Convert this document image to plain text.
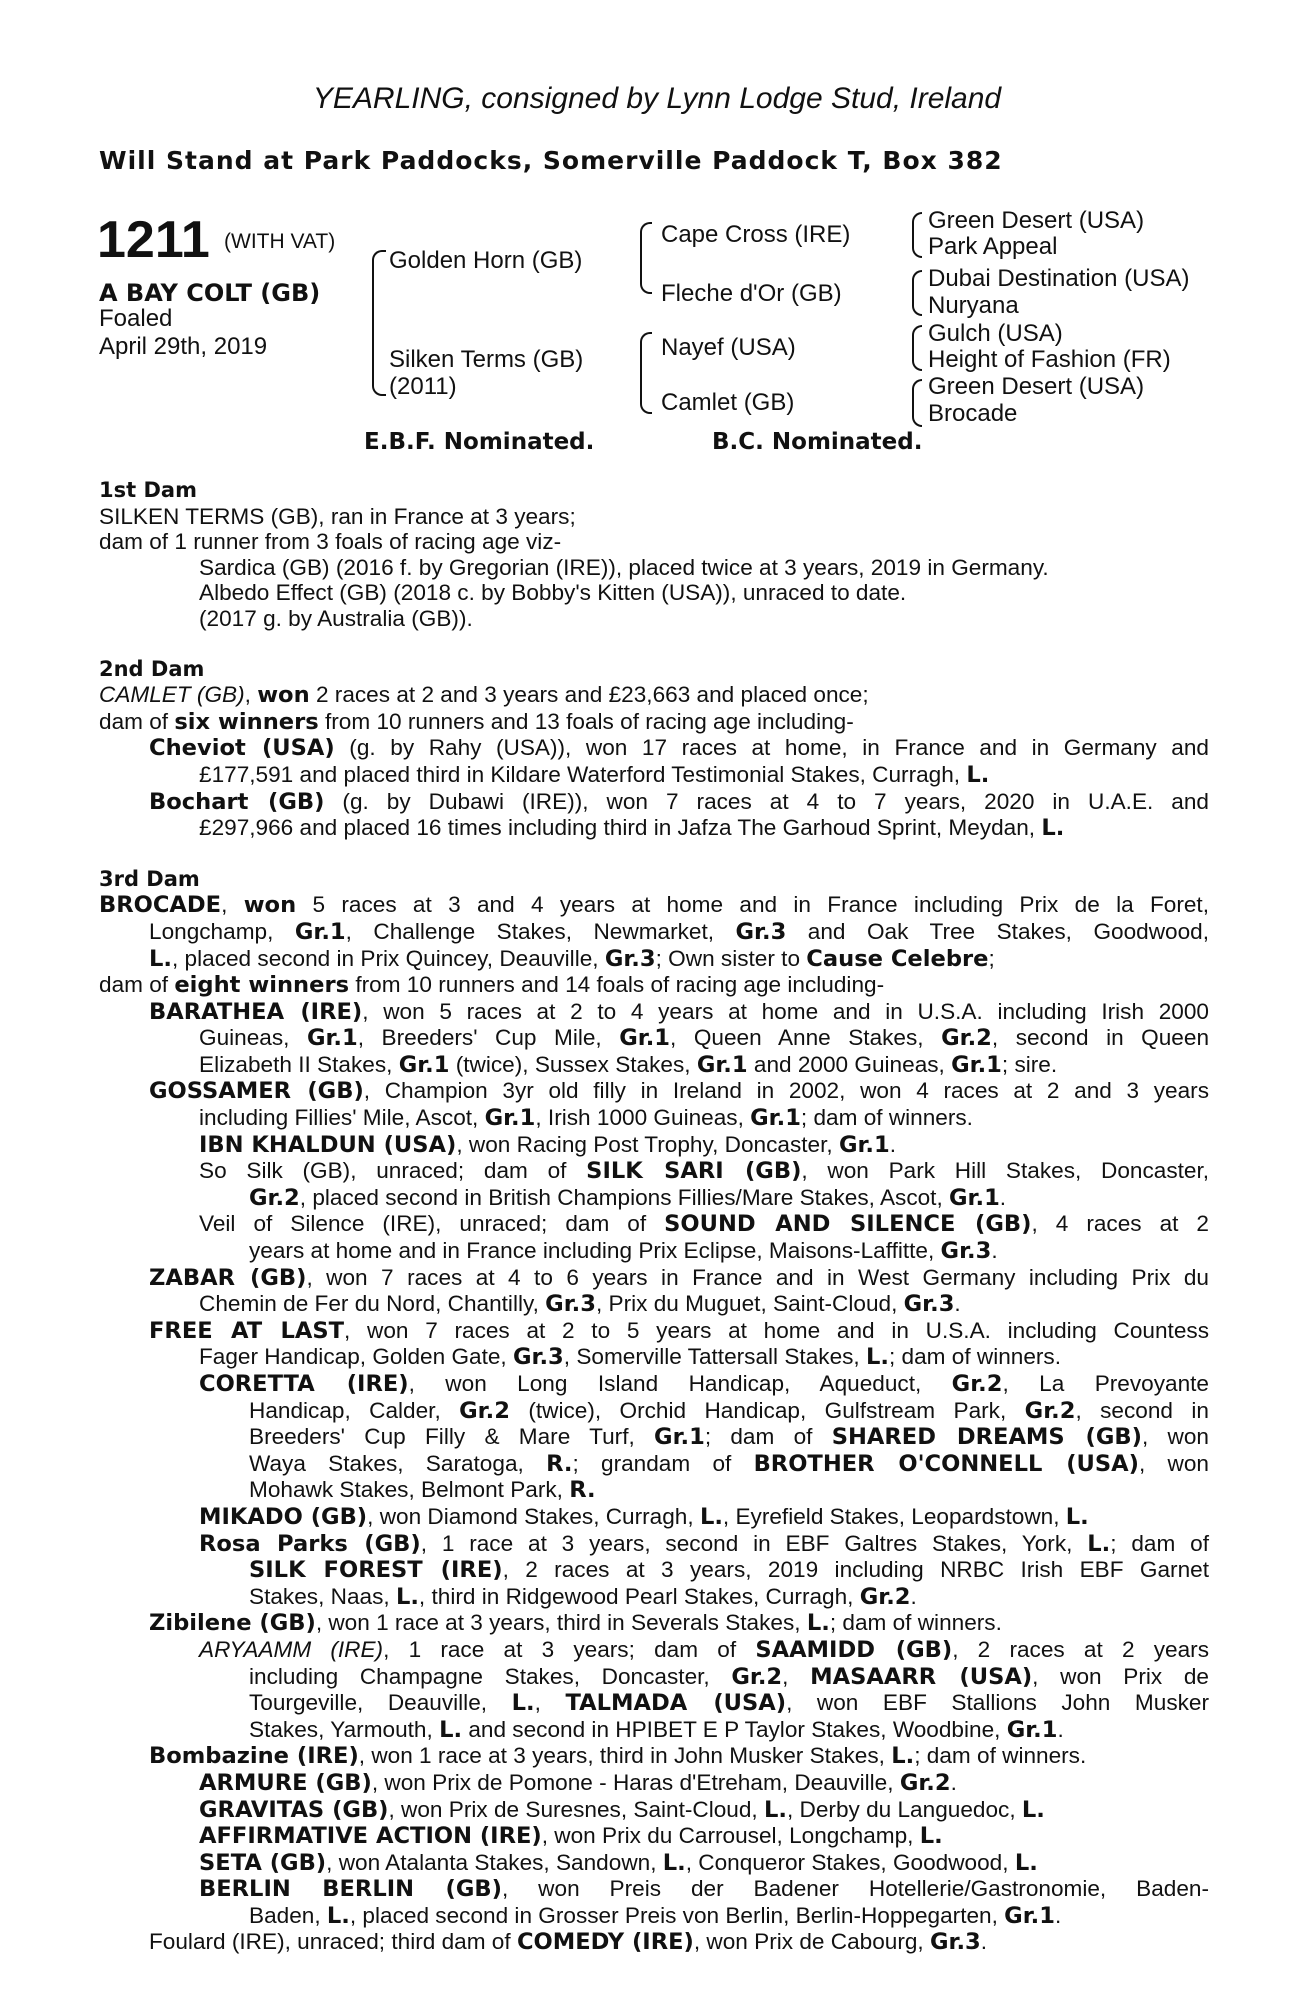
YEARLING, consigned by Lynn Lodge Stud, Ireland
Will Stand at Park Paddocks, Somerville Paddock T, Box 382
1211 (WITH VAT)
A BAY COLT (GB)
Foaled
April 29th, 2019
Golden Horn (GB)
Silken Terms (GB)
(2011)
Cape Cross (IRE)
Fleche d'Or (GB)
Nayef (USA)
Camlet (GB)
Green Desert (USA)
Park Appeal
Dubai Destination (USA)
Nuryana
Gulch (USA)
Height of Fashion (FR)
Green Desert (USA)
Brocade
E.B.F. Nominated.	B.C. Nominated.
1st Dam
SILKEN TERMS (GB), ran in France at 3 years;
dam of 1 runner from 3 foals of racing age viz-
Sardica (GB) (2016 f. by Gregorian (IRE)), placed twice at 3 years, 2019 in Germany.
Albedo Effect (GB) (2018 c. by Bobby's Kitten (USA)), unraced to date.
(2017 g. by Australia (GB)).
2nd Dam
CAMLET (GB), won 2 races at 2 and 3 years and £23,663 and placed once;
dam of six winners from 10 runners and 13 foals of racing age including-
Cheviot (USA) (g. by Rahy (USA)), won 17 races at home, in France and in Germany and
£177,591 and placed third in Kildare Waterford Testimonial Stakes, Curragh, L.
Bochart (GB) (g. by Dubawi (IRE)), won 7 races at 4 to 7 years, 2020 in U.A.E. and
£297,966 and placed 16 times including third in Jafza The Garhoud Sprint, Meydan, L.
3rd Dam
BROCADE, won 5 races at 3 and 4 years at home and in France including Prix de la Foret,
Longchamp, Gr.1, Challenge Stakes, Newmarket, Gr.3 and Oak Tree Stakes, Goodwood,
L., placed second in Prix Quincey, Deauville, Gr.3; Own sister to Cause Celebre;
dam of eight winners from 10 runners and 14 foals of racing age including-
BARATHEA (IRE), won 5 races at 2 to 4 years at home and in U.S.A. including Irish 2000
Guineas, Gr.1, Breeders' Cup Mile, Gr.1, Queen Anne Stakes, Gr.2, second in Queen
Elizabeth II Stakes, Gr.1 (twice), Sussex Stakes, Gr.1 and 2000 Guineas, Gr.1; sire.
GOSSAMER (GB), Champion 3yr old filly in Ireland in 2002, won 4 races at 2 and 3 years
including Fillies' Mile, Ascot, Gr.1, Irish 1000 Guineas, Gr.1; dam of winners.
IBN KHALDUN (USA), won Racing Post Trophy, Doncaster, Gr.1.
So Silk (GB), unraced; dam of SILK SARI (GB), won Park Hill Stakes, Doncaster,
Gr.2, placed second in British Champions Fillies/Mare Stakes, Ascot, Gr.1.
Veil of Silence (IRE), unraced; dam of SOUND AND SILENCE (GB), 4 races at 2
years at home and in France including Prix Eclipse, Maisons-Laffitte, Gr.3.
ZABAR (GB), won 7 races at 4 to 6 years in France and in West Germany including Prix du
Chemin de Fer du Nord, Chantilly, Gr.3, Prix du Muguet, Saint-Cloud, Gr.3.
FREE AT LAST, won 7 races at 2 to 5 years at home and in U.S.A. including Countess
Fager Handicap, Golden Gate, Gr.3, Somerville Tattersall Stakes, L.; dam of winners.
CORETTA (IRE), won Long Island Handicap, Aqueduct, Gr.2, La Prevoyante
Handicap, Calder, Gr.2 (twice), Orchid Handicap, Gulfstream Park, Gr.2, second in
Breeders' Cup Filly & Mare Turf, Gr.1; dam of SHARED DREAMS (GB), won
Waya Stakes, Saratoga, R.; grandam of BROTHER O'CONNELL (USA), won
Mohawk Stakes, Belmont Park, R.
MIKADO (GB), won Diamond Stakes, Curragh, L., Eyrefield Stakes, Leopardstown, L.
Rosa Parks (GB), 1 race at 3 years, second in EBF Galtres Stakes, York, L.; dam of
SILK FOREST (IRE), 2 races at 3 years, 2019 including NRBC Irish EBF Garnet
Stakes, Naas, L., third in Ridgewood Pearl Stakes, Curragh, Gr.2.
Zibilene (GB), won 1 race at 3 years, third in Severals Stakes, L.; dam of winners.
ARYAAMM (IRE), 1 race at 3 years; dam of SAAMIDD (GB), 2 races at 2 years
including Champagne Stakes, Doncaster, Gr.2, MASAARR (USA), won Prix de
Tourgeville, Deauville, L., TALMADA (USA), won EBF Stallions John Musker
Stakes, Yarmouth, L. and second in HPIBET E P Taylor Stakes, Woodbine, Gr.1.
Bombazine (IRE), won 1 race at 3 years, third in John Musker Stakes, L.; dam of winners.
ARMURE (GB), won Prix de Pomone - Haras d'Etreham, Deauville, Gr.2.
GRAVITAS (GB), won Prix de Suresnes, Saint-Cloud, L., Derby du Languedoc, L.
AFFIRMATIVE ACTION (IRE), won Prix du Carrousel, Longchamp, L.
SETA (GB), won Atalanta Stakes, Sandown, L., Conqueror Stakes, Goodwood, L.
BERLIN BERLIN (GB), won Preis der Badener Hotellerie/Gastronomie, Baden-
Baden, L., placed second in Grosser Preis von Berlin, Berlin-Hoppegarten, Gr.1.
Foulard (IRE), unraced; third dam of COMEDY (IRE), won Prix de Cabourg, Gr.3.
